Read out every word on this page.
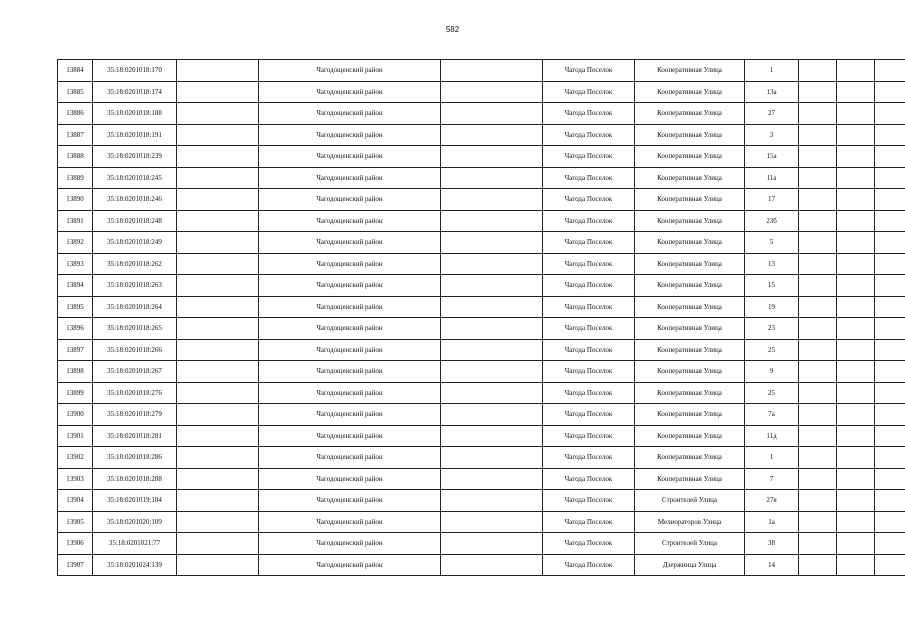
582
13884	35:18:0201018:170		Чагодощенский район		Чагода Поселок	Кооперативная Улица	1			
13885	35:18:0201018:174		Чагодощенский район		Чагода Поселок	Кооперативная Улица	13а			
13886	35:18:0201018:188		Чагодощенский район		Чагода Поселок	Кооперативная Улица	27			
13887	35:18:0201018:191		Чагодощенский район		Чагода Поселок	Кооперативная Улица	3			
13888	35:18:0201018:239		Чагодощенский район		Чагода Поселок	Кооперативная Улица	15а			
13889	35:18:0201018:245		Чагодощенский район		Чагода Поселок	Кооперативная Улица	11а			
13890	35:18:0201018:246		Чагодощенский район		Чагода Поселок	Кооперативная Улица	17			
13891	35:18:0201018:248		Чагодощенский район		Чагода Поселок	Кооперативная Улица	23б			
13892	35:18:0201018:249		Чагодощенский район		Чагода Поселок	Кооперативная Улица	5			
13893	35:18:0201018:262		Чагодощенский район		Чагода Поселок	Кооперативная Улица	13			
13894	35:18:0201018:263		Чагодощенский район		Чагода Поселок	Кооперативная Улица	15			
13895	35:18:0201018:264		Чагодощенский район		Чагода Поселок	Кооперативная Улица	19			
13896	35:18:0201018:265		Чагодощенский район		Чагода Поселок	Кооперативная Улица	23			
13897	35:18:0201018:266		Чагодощенский район		Чагода Поселок	Кооперативная Улица	25			
13898	35:18:0201018:267		Чагодощенский район		Чагода Поселок	Кооперативная Улица	9			
13899	35:18:0201018:276		Чагодощенский район		Чагода Поселок	Кооперативная Улица	25			
13900	35:18:0201018:279		Чагодощенский район		Чагода Поселок	Кооперативная Улица	7а			
13901	35:18:0201018:281		Чагодощенский район		Чагода Поселок	Кооперативная Улица	11д			
13902	35:18:0201018:286		Чагодощенский район		Чагода Поселок	Кооперативная Улица	1			
13903	35:18:0201018:288		Чагодощенский район		Чагода Поселок	Кооперативная Улица	7			
13904	35:18:0201019:184		Чагодощенский район		Чагода Поселок	Строителей Улица	27в			
13905	35:18:0201020:109		Чагодощенский район		Чагода Поселок	Мелиораторов Улица	1а			
13906	35:18:0201021:77		Чагодощенский район		Чагода Поселок	Строителей Улица	38			
13907	35:18:0201024:139		Чагодощенский район		Чагода Поселок	Дзержинца Улица	14			
